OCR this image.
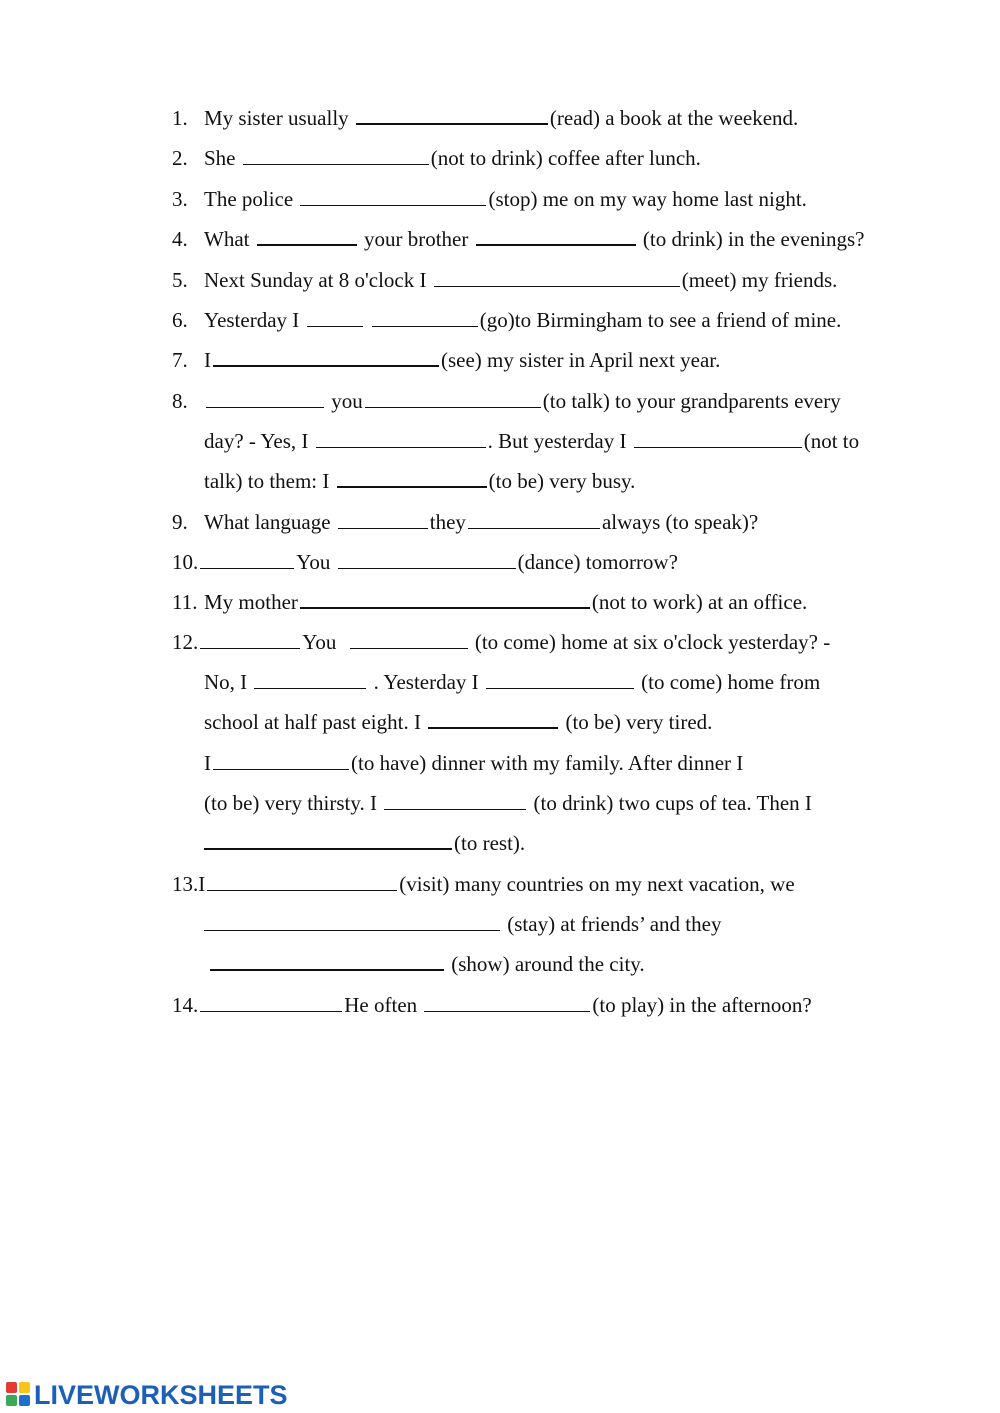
1. My sister usually	(read) a book at the weekend.
2. She	(not to drink) coffee after lunch.
3. The police	(stop) me on my way home last night.
4. What	your brother	(to drink) in the evenings?
5. Next Sunday at 8 o'clock I	(meet) my friends.
6. Yesterday I	(go)to Birmingham to see a friend of mine.
7. I	(see) my sister in April next year.
8.	you	(to talk) to your grandparents every
day? - Yes, I	. But yesterday I	(not to
talk) to them: I	(to be) very busy.
9. What language	they	always (to speak)?
10.	You	(dance) tomorrow?
11. My mother	(not to work) at an office.
12.	You	(to come) home at six o'clock yesterday? -
No, I	. Yesterday I	(to come) home from
school at half past eight. I	(to be) very tired.
I	(to have) dinner with my family. After dinner I
(to be) very thirsty. I	(to drink) two cups of tea. Then I
(to rest).
13.I	(visit) many countries on my next vacation, we
(stay) at friends’ and they
(show) around the city.
14.	He often	(to play) in the afternoon?
LIVEWORKSHEETS
